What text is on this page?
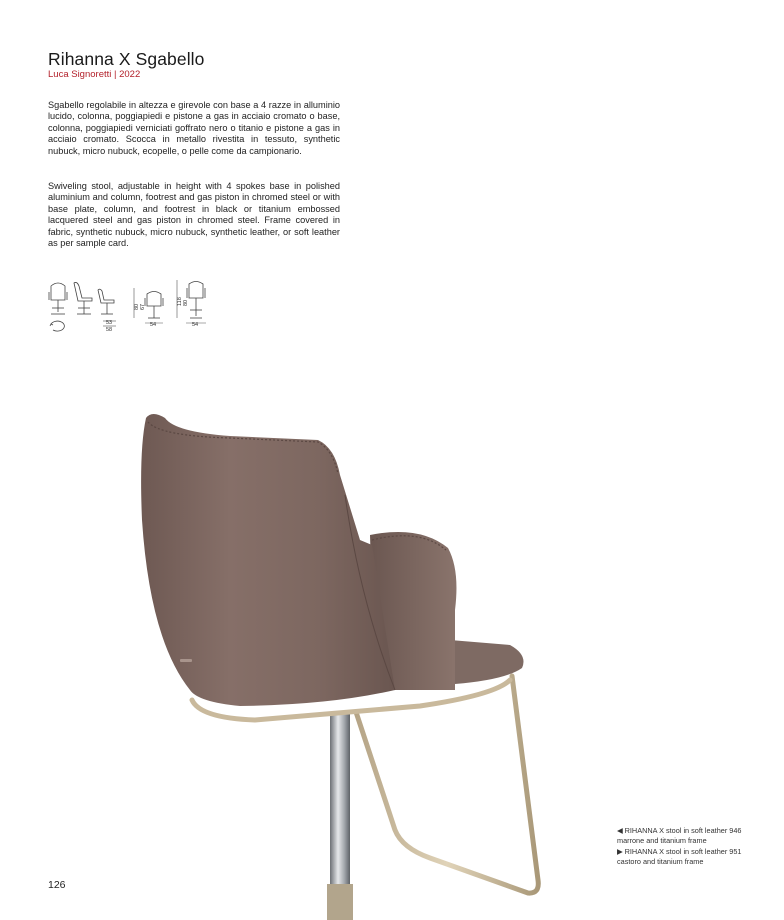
Rihanna X Sgabello
Luca Signoretti | 2022

Sgabello regolabile in altezza e girevole con base a 4 razze in alluminio lucido, colonna, poggiapiedi e pistone a gas in acciaio cromato o base, colonna, poggiapiedi verniciati goffrato nero o titanio e pistone a gas in acciaio cromato. Scocca in metallo rivestita in tessuto, synthetic nubuck, micro nubuck, ecopelle, o pelle come da campionario.

Swiveling stool, adjustable in height with 4 spokes base in polished aluminium and column, footrest and gas piston in chromed steel or with base plate, column, and footrest in black or titanium embossed lacquered steel and gas piston in chromed steel. Frame covered in fabric, synthetic nubuck, micro nubuck, synthetic leather, or soft leather as per sample card.

53
58
80 67
54
118 80
54
◀ RIHANNA X stool in soft leather 946
marrone and titanium frame
▶ RIHANNA X stool in soft leather 951
castoro and titanium frame
126
